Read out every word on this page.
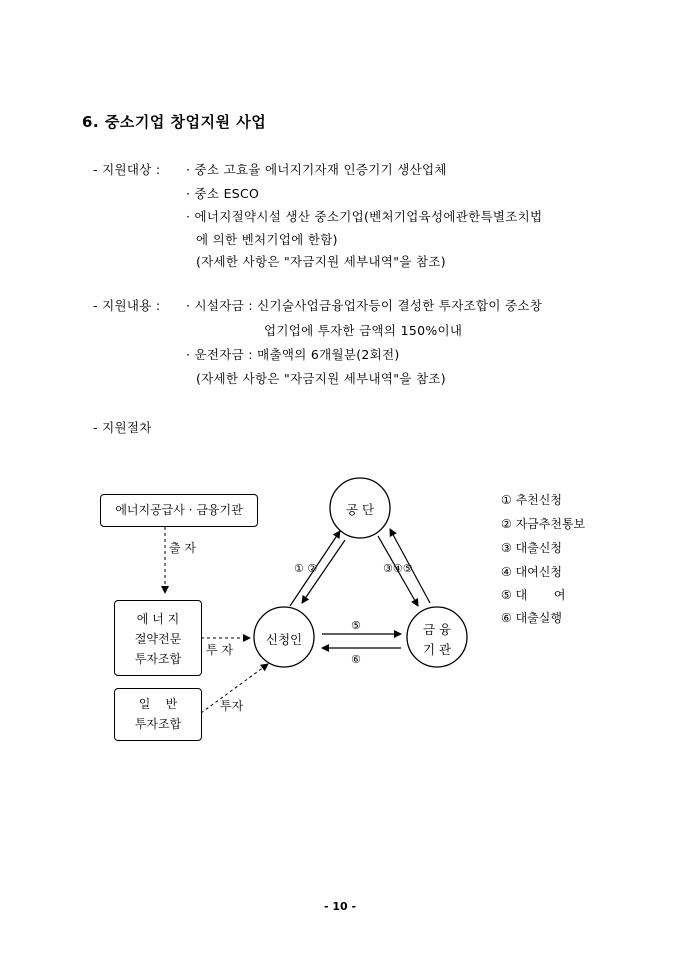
6. 중소기업 창업지원 사업
- 지원대상 : · 중소 고효율 에너지기자재 인증기기 생산업체
· 중소 ESCO
· 에너지절약시설 생산 중소기업(벤처기업육성에관한특별조치법
에 의한 벤처기업에 한함)
(자세한 사항은 "자금지원 세부내역"을 참조)
- 지원내용 : · 시설자금 : 신기술사업금융업자등이 결성한 투자조합이 중소창
업기업에 투자한 금액의 150%이내
· 운전자금 : 매출액의 6개월분(2회전)
(자세한 사항은 "자금지원 세부내역"을 참조)
- 지원절차
공 단
신청인
금 융
기 관
① ②	③④⑤
⑤
⑥
에너지공급사 · 금융기관
에 너 지
절약전문
투자조합
일    반
투자조합
출 자
투 자
투자
① 추천신청
② 자금추천통보
③ 대출신청
④ 대여신청
⑤ 대       여
⑥ 대출실행
- 10 -
